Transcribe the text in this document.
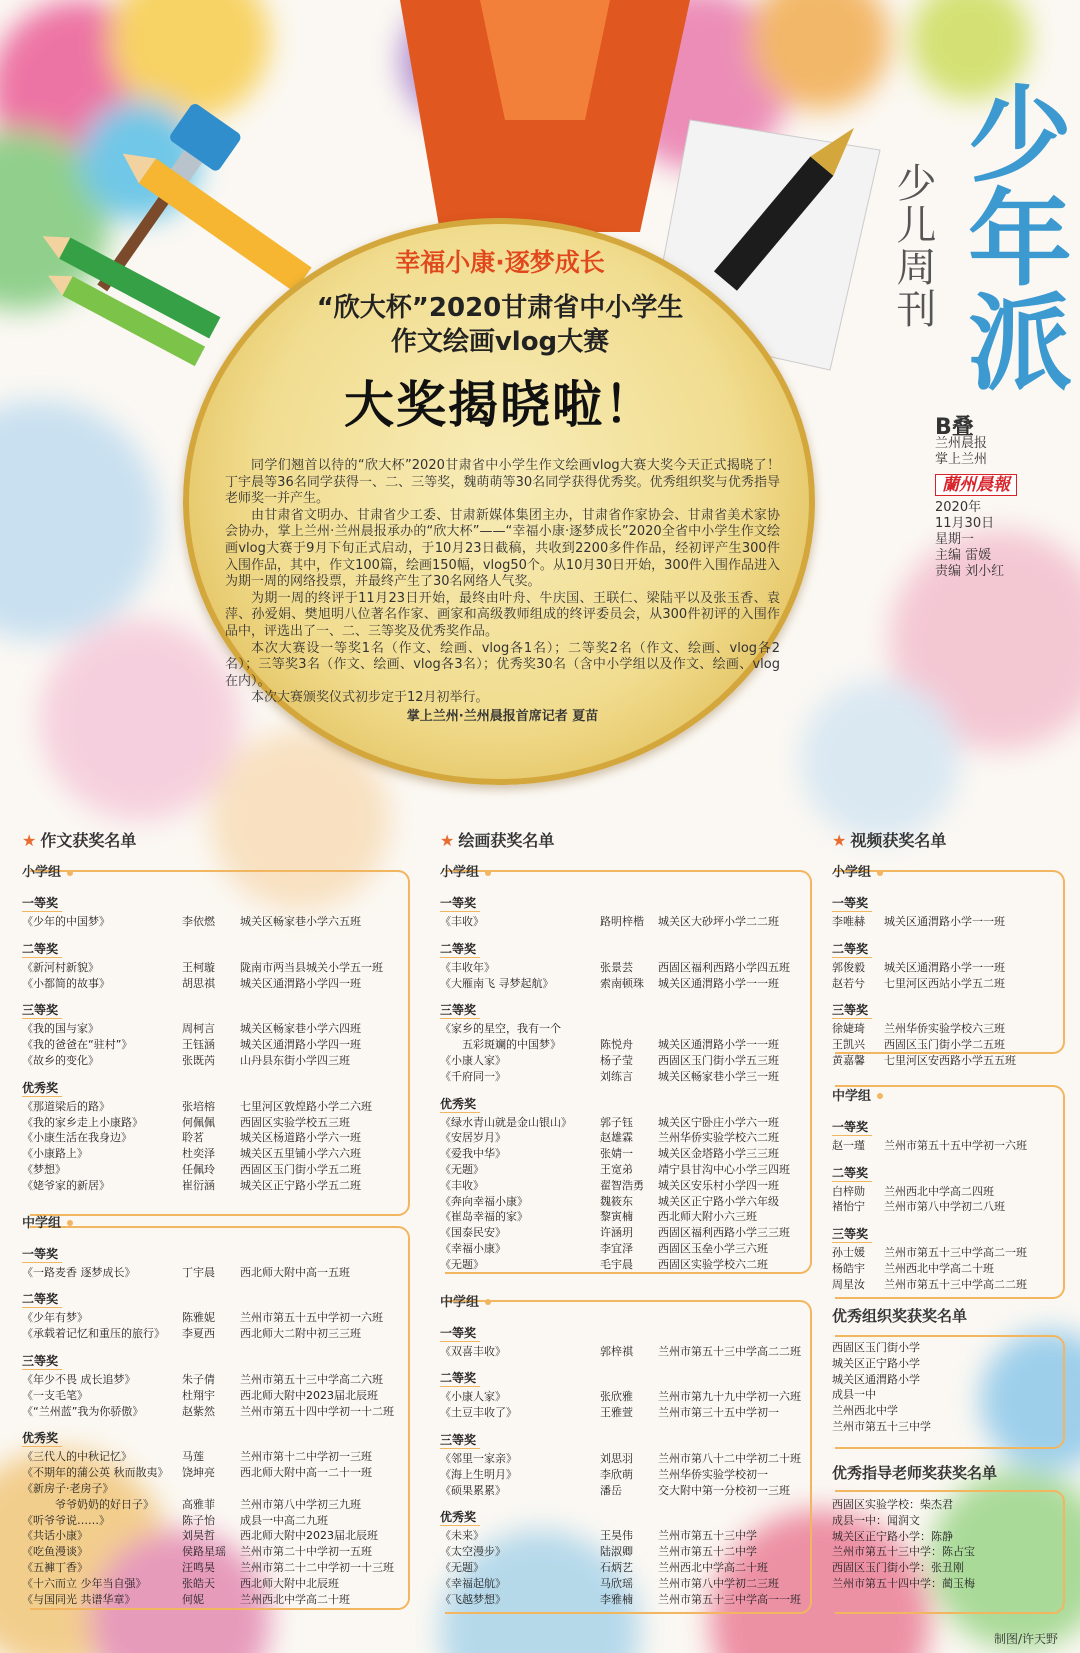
少儿周刊 少年派
B叠
兰州晨报
掌上兰州
蘭州晨報
2020年
11月30日
星期一
主编 雷媛
责编 刘小红
幸福小康·逐梦成长
“欣大杯”2020甘肃省中小学生
作文绘画vlog大赛
大奖揭晓啦！

同学们翘首以待的“欣大杯”2020甘肃省中小学生作文绘画vlog大赛大奖今天正式揭晓了！丁宇晨等36名同学获得一、二、三等奖，魏萌萌等30名同学获得优秀奖。优秀组织奖与优秀指导老师奖一并产生。

由甘肃省文明办、甘肃省少工委、甘肃新媒体集团主办，甘肃省作家协会、甘肃省美术家协会协办，掌上兰州·兰州晨报承办的“欣大杯”——“幸福小康·逐梦成长”2020全省中小学生作文绘画vlog大赛于9月下旬正式启动，于10月23日截稿，共收到2200多件作品，经初评产生300件入围作品，其中，作文100篇，绘画150幅，vlog50个。从10月30日开始，300件入围作品进入为期一周的网络投票，并最终产生了30名网络人气奖。

为期一周的终评于11月23日开始，最终由叶舟、牛庆国、王联仁、梁陆平以及张玉香、袁萍、孙爱娟、樊旭明八位著名作家、画家和高级教师组成的终评委员会，从300件初评的入围作品中，评选出了一、二、三等奖及优秀奖作品。

本次大赛设一等奖1名（作文、绘画、vlog各1名）；二等奖2名（作文、绘画、vlog各2名）；三等奖3名（作文、绘画、vlog各3名）；优秀奖30名（含中小学组以及作文、绘画、vlog在内）。

本次大赛颁奖仪式初步定于12月初举行。

掌上兰州·兰州晨报首席记者 夏苗

★ 作文获奖名单	★ 绘画获奖名单	★ 视频获奖名单
小学组
一等奖
《少年的中国梦》	李依燃	城关区畅家巷小学六五班
二等奖
《新河村新貌》	王柯璇	陇南市两当县城关小学五一班
《小都简的故事》	胡思祺	城关区通渭路小学四一班
三等奖
《我的国与家》	周柯言	城关区畅家巷小学六四班
《我的爸爸在“驻村”》	王钰涵	城关区通渭路小学四一班
《故乡的变化》	张既芮	山丹县东街小学四三班
优秀奖
《那道梁后的路》	张培榕	七里河区敦煌路小学二六班
《我的家乡走上小康路》	何佩佩	西固区实验学校五三班
《小康生活在我身边》	聆茗	城关区杨道路小学六一班
《小康路上》	杜奕泽	城关区五里铺小学六六班
《梦想》	任佩玲	西固区玉门街小学五二班
《姥爷家的新居》	崔衍涵	城关区正宁路小学五二班
中学组
一等奖
《一路麦香 逐梦成长》	丁宇晨	西北师大附中高一五班
二等奖
《少年有梦》	陈雅妮	兰州市第五十五中学初一六班
《承载着记忆和重压的旅行》	李夏西	西北师大二附中初三三班
三等奖
《年少不畏 成长追梦》	朱子倩	兰州市第五十三中学高二六班
《一支毛笔》	杜翔宇	西北师大附中2023届北辰班
《“兰州蓝”我为你骄傲》	赵紫然	兰州市第五十四中学初一十二班
优秀奖
《三代人的中秋记忆》	马莲	兰州市第十二中学初一三班
《不期年的蒲公英 秋而散夷》	饶坤亮	西北师大附中高一二十一班
《新房子·老房子》
　　　爷爷奶奶的好日子》	高雅菲	兰州市第八中学初三九班
《听爷爷说……》	陈子怡	成县一中高二九班
《共话小康》	刘昊哲	西北师大附中2023届北辰班
《吃鱼漫谈》	侯路星瑶	兰州市第二十中学初一五班
《五褲丁香》	汪鸣昊	兰州市第二十二中学初一十三班
《十六而立 少年当自强》	张皓天	西北师大附中北辰班
《与国同光 共谱华章》	何妮	兰州西北中学高二十班
小学组
一等奖
《丰收》	路明梓楷	城关区大砂坪小学二二班
二等奖
《丰收年》	张景芸	西固区福利西路小学四五班
《大雁南飞 寻梦起航》	索南顿珠	城关区通渭路小学一一班
三等奖
《家乡的星空，我有一个
　　五彩斑斓的中国梦》	陈悦舟	城关区通渭路小学一一班
《小康人家》	杨子莹	西固区玉门街小学五三班
《千府同一》	刘练言	城关区畅家巷小学三一班
优秀奖
《绿水青山就是金山银山》	郭子钰	城关区宁卧庄小学六一班
《安居岁月》	赵雄霖	兰州华侨实验学校六二班
《爱我中华》	张婧一	城关区金塔路小学三三班
《无题》	王宽弟	靖宁县甘沟中心小学三四班
《丰收》	翟智浩勇	城关区安乐村小学四一班
《奔向幸福小康》	魏筱东	城关区正宁路小学六年级
《崔岛幸福的家》	黎寅楠	西北师大附小六三班
《国泰民安》	许涵玥	西固区福利西路小学三三班
《幸福小康》	李宜泽	西固区玉垒小学三六班
《无题》	毛宇晨	西固区实验学校六二班
中学组
一等奖
《双喜丰收》	郭梓祺	兰州市第五十三中学高二二班
二等奖
《小康人家》	张欣雅	兰州市第九十九中学初一六班
《土豆丰收了》	王雅萱	兰州市第三十五中学初一
三等奖
《邻里一家亲》	刘思羽	兰州市第八十二中学初二十班
《海上生明月》	李欣萌	兰州华侨实验学校初一
《硕果累累》	潘岳	交大附中第一分校初一三班
优秀奖
《未来》	王昊伟	兰州市第五十三中学
《太空漫步》	陆淑卿	兰州市第五十二中学
《无题》	石炳艺	兰州西北中学高二十班
《幸福起航》	马欣瑶	兰州市第八中学初二三班
《飞越梦想》	李雅楠	兰州市第五十三中学高一一班
小学组
一等奖
李唯赫	城关区通渭路小学一一班
二等奖
郭俊毅	城关区通渭路小学一一班
赵若兮	七里河区西站小学五二班
三等奖
徐婕琦	兰州华侨实验学校六三班
王凯兴	西固区玉门街小学二五班
黄嘉馨	七里河区安西路小学五五班
中学组
一等奖
赵一瑾	兰州市第五十五中学初一六班
二等奖
白梓勋	兰州西北中学高二四班
褚怡宁	兰州市第八中学初二八班
三等奖
孙士媛	兰州市第五十三中学高二一班
杨皓宇	兰州西北中学高二十班
周星汝	兰州市第五十三中学高二二班
优秀组织奖获奖名单
西固区玉门街小学
城关区正宁路小学
城关区通渭路小学
成县一中
兰州西北中学
兰州市第五十三中学
优秀指导老师奖获奖名单
西固区实验学校：柴杰君
成县一中：闻润文
城关区正宁路小学：陈静
兰州市第五十三中学：陈占宝
西固区玉门街小学：张丑刚
兰州市第五十四中学：蔺玉梅
制图/许天野
